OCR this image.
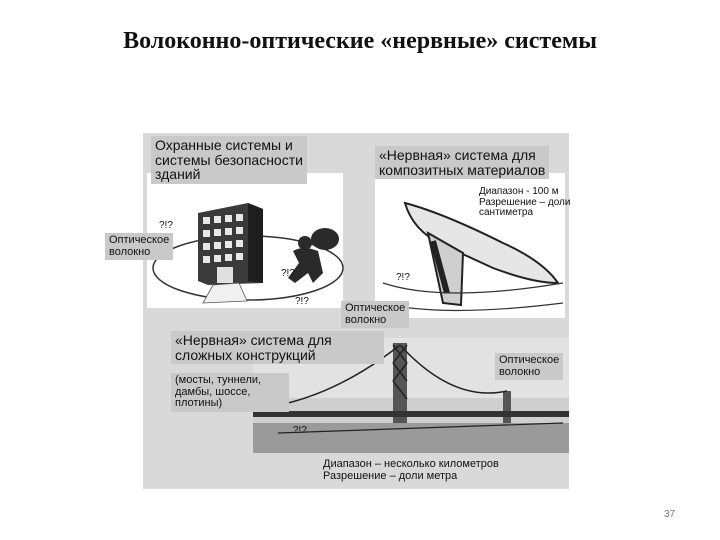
Волоконно-оптические «нервные» системы
Охранные системы и
системы безопасности
зданий
Оптическое
волокно
?!?
?!?
?!?
«Нервная» система для
композитных материалов
Диапазон - 100 м
Разрешение – доли
сантиметра
?!?
Оптическое
волокно
«Нервная» система для
сложных конструкций
(мосты, туннели,
дамбы, шоссе,
плотины)
Оптическое
волокно
?!?
Диапазон – несколько километров
Разрешение – доли метра
37
